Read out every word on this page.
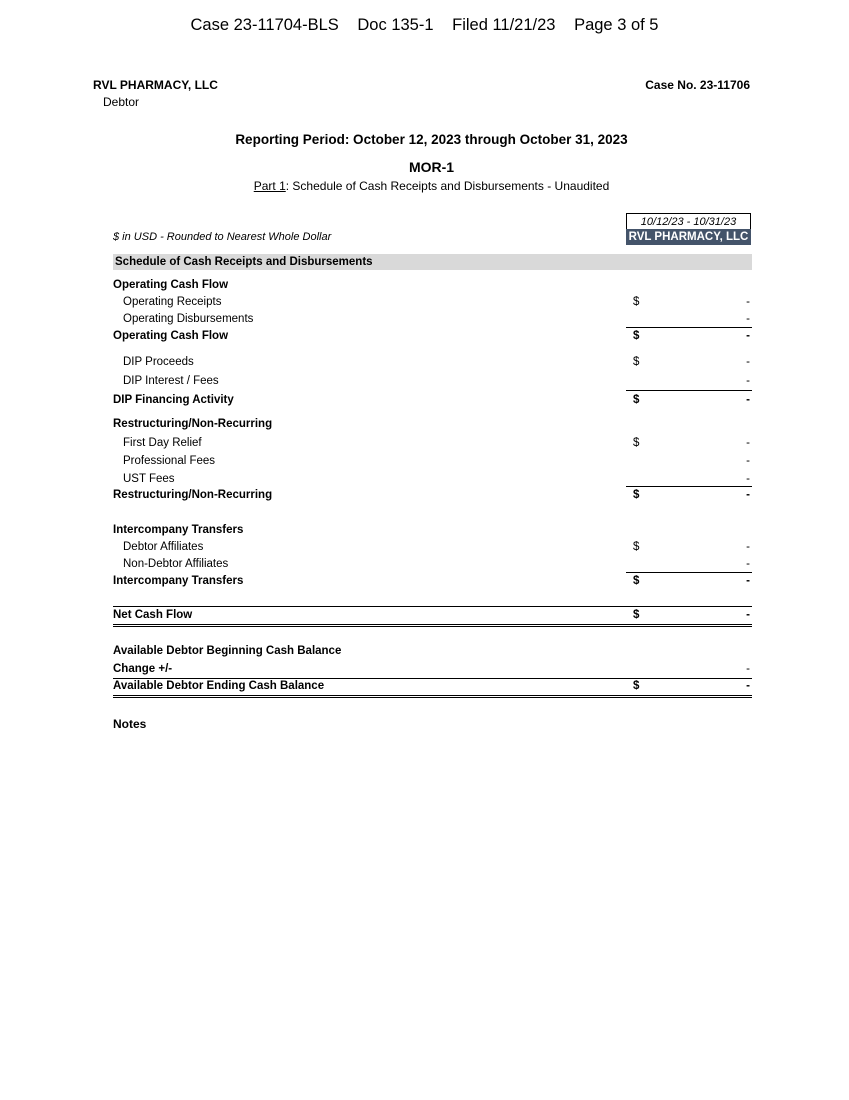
Case 23-11704-BLS Doc 135-1 Filed 11/21/23 Page 3 of 5
RVL PHARMACY, LLC
Debtor
Case No. 23-11706
Reporting Period: October 12, 2023 through October 31, 2023
MOR-1
Part 1: Schedule of Cash Receipts and Disbursements - Unaudited
10/12/23 - 10/31/23
RVL PHARMACY, LLC
$ in USD - Rounded to Nearest Whole Dollar
Schedule of Cash Receipts and Disbursements
Operating Cash Flow
Operating Receipts	$	-
Operating Disbursements	-
Operating Cash Flow	$	-
DIP Proceeds	$	-
DIP Interest / Fees	-
DIP Financing Activity	$	-
Restructuring/Non-Recurring
First Day Relief	$	-
Professional Fees	-
UST Fees	-
Restructuring/Non-Recurring	$	-
Intercompany Transfers
Debtor Affiliates	$	-
Non-Debtor Affiliates	-
Intercompany Transfers	$	-
Net Cash Flow	$	-
Available Debtor Beginning Cash Balance
Change +/-	-
Available Debtor Ending Cash Balance	$	-
Notes
